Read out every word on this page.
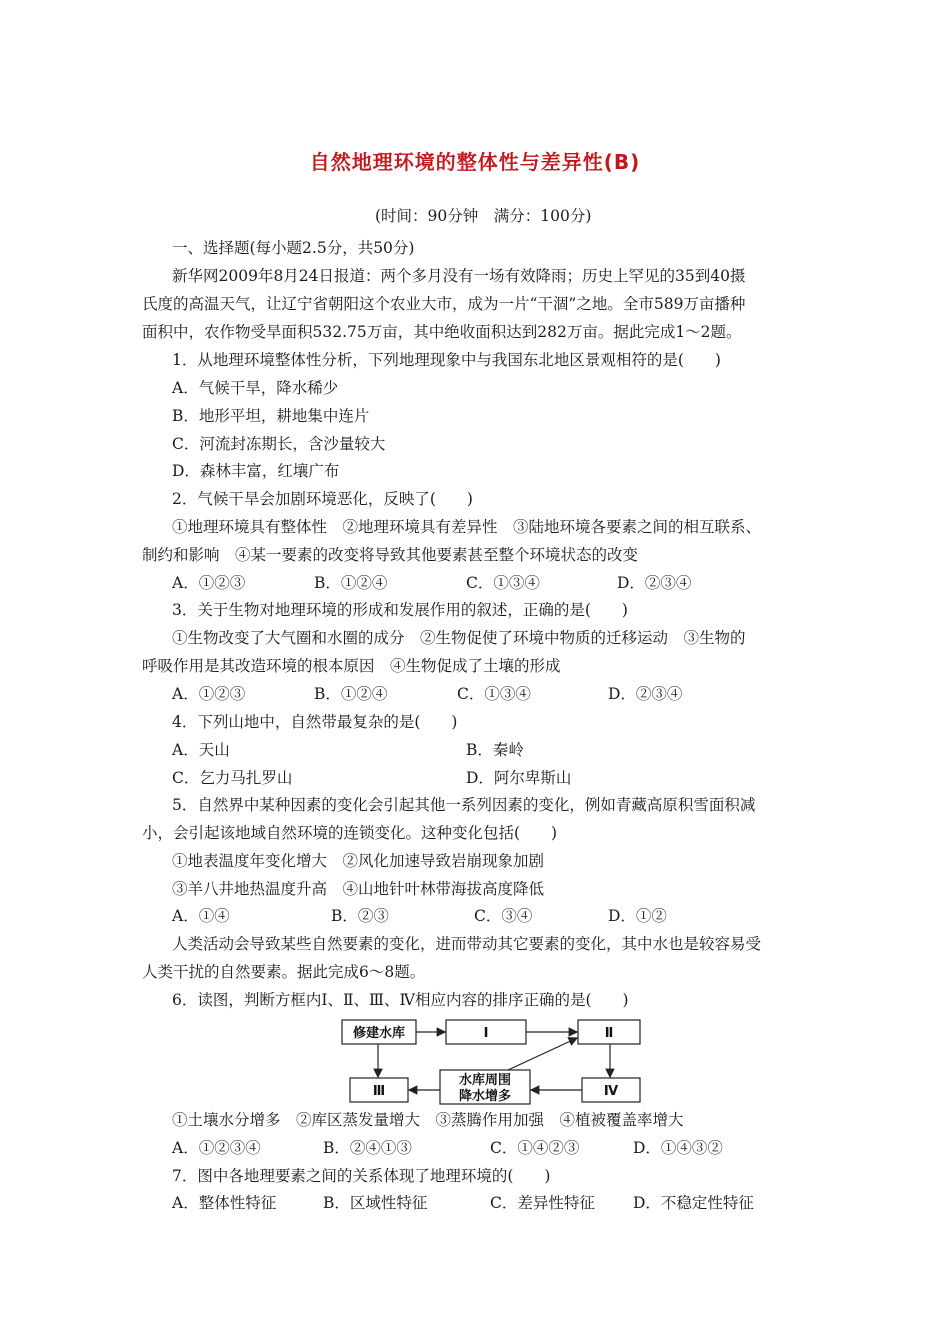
自然地理环境的整体性与差异性(B)
(时间：90分钟　满分：100分)
一、选择题(每小题2.5分，共50分)
新华网2009年8月24日报道：两个多月没有一场有效降雨；历史上罕见的35到40摄
氏度的高温天气，让辽宁省朝阳这个农业大市，成为一片“干涸”之地。全市589万亩播种
面积中，农作物受旱面积532.75万亩，其中绝收面积达到282万亩。据此完成1～2题。
1．从地理环境整体性分析，下列地理现象中与我国东北地区景观相符的是(　　)
A．气候干旱，降水稀少
B．地形平坦，耕地集中连片
C．河流封冻期长，含沙量较大
D．森林丰富，红壤广布
2．气候干旱会加剧环境恶化，反映了(　　)
①地理环境具有整体性　②地理环境具有差异性　③陆地环境各要素之间的相互联系、
制约和影响　④某一要素的改变将导致其他要素甚至整个环境状态的改变
A．①②③	B．①②④	C．①③④	D．②③④
3．关于生物对地理环境的形成和发展作用的叙述，正确的是(　　)
①生物改变了大气圈和水圈的成分　②生物促使了环境中物质的迁移运动　③生物的
呼吸作用是其改造环境的根本原因　④生物促成了土壤的形成
A．①②③	B．①②④	C．①③④	D．②③④
4．下列山地中，自然带最复杂的是(　　)
A．天山	B．秦岭
C．乞力马扎罗山	D．阿尔卑斯山
5．自然界中某种因素的变化会引起其他一系列因素的变化，例如青藏高原积雪面积减
小，会引起该地域自然环境的连锁变化。这种变化包括(　　)
①地表温度年变化增大　②风化加速导致岩崩现象加剧
③羊八井地热温度升高　④山地针叶林带海拔高度降低
A．①④	B．②③	C．③④	D．①②
人类活动会导致某些自然要素的变化，进而带动其它要素的变化，其中水也是较容易受
人类干扰的自然要素。据此完成6～8题。
6．读图，判断方框内Ⅰ、Ⅱ、Ⅲ、Ⅳ相应内容的排序正确的是(　　)
修建水库	Ⅰ	Ⅱ
Ⅲ
水库周围
降水增多	Ⅳ
①土壤水分增多　②库区蒸发量增大　③蒸腾作用加强　④植被覆盖率增大
A．①②③④	B．②④①③	C．①④②③	D．①④③②
7．图中各地理要素之间的关系体现了地理环境的(　　)
A．整体性特征	B．区域性特征	C．差异性特征 D．不稳定性特征
